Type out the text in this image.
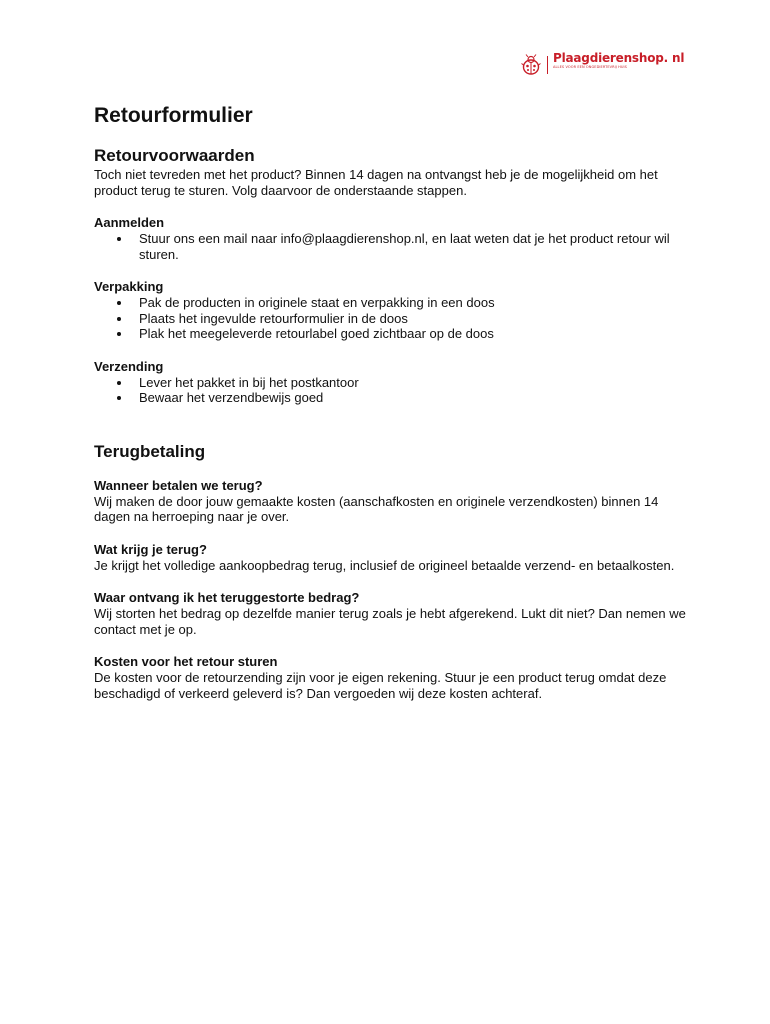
Plaagdierenshop. nl
ALLES VOOR EEN ONGEDIERTEVRIJ HUIS
Retourformulier
Retourvoorwaarden

Toch niet tevreden met het product? Binnen 14 dagen na ontvangst heb je de mogelijkheid om het product terug te sturen. Volg daarvoor de onderstaande stappen.

Aanmelden
Stuur ons een mail naar info@plaagdierenshop.nl, en laat weten dat je het product retour wil sturen.
Verpakking
Pak de producten in originele staat en verpakking in een doos
Plaats het ingevulde retourformulier in de doos
Plak het meegeleverde retourlabel goed zichtbaar op de doos
Verzending
Lever het pakket in bij het postkantoor
Bewaar het verzendbewijs goed
Terugbetaling
Wanneer betalen we terug?

Wij maken de door jouw gemaakte kosten (aanschafkosten en originele verzendkosten) binnen 14 dagen na herroeping naar je over.

Wat krijg je terug?

Je krijgt het volledige aankoopbedrag terug, inclusief de origineel betaalde verzend- en betaalkosten.

Waar ontvang ik het teruggestorte bedrag?

Wij storten het bedrag op dezelfde manier terug zoals je hebt afgerekend. Lukt dit niet? Dan nemen we contact met je op.

Kosten voor het retour sturen

De kosten voor de retourzending zijn voor je eigen rekening. Stuur je een product terug omdat deze beschadigd of verkeerd geleverd is? Dan vergoeden wij deze kosten achteraf.
